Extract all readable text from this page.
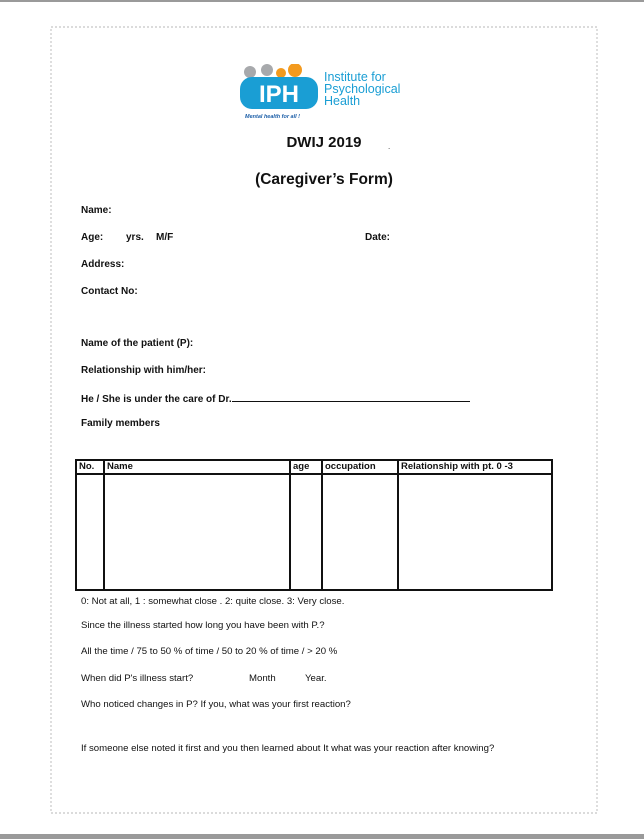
IPH
Institute for
Psychological
Health
Mental health for all !
.
DWIJ 2019
(Caregiver’s Form)
Name:
Age: yrs. M/F	Date:
Address:
Contact No:
Name of the patient (P):
Relationship with him/her:
He / She is under the care of Dr.
Family members
No.	Name	age	occupation	Relationship with pt. 0 -3

0: Not at all, 1 : somewhat close . 2: quite close. 3: Very close.
Since the illness started how long you have been with P.?
All the time / 75 to 50 % of time / 50 to 20 % of time / > 20 %
When did P's illness start?	Month	Year.
Who noticed changes in P? If you, what was your first reaction?
If someone else noted it first and you then learned about It what was your reaction after knowing?
